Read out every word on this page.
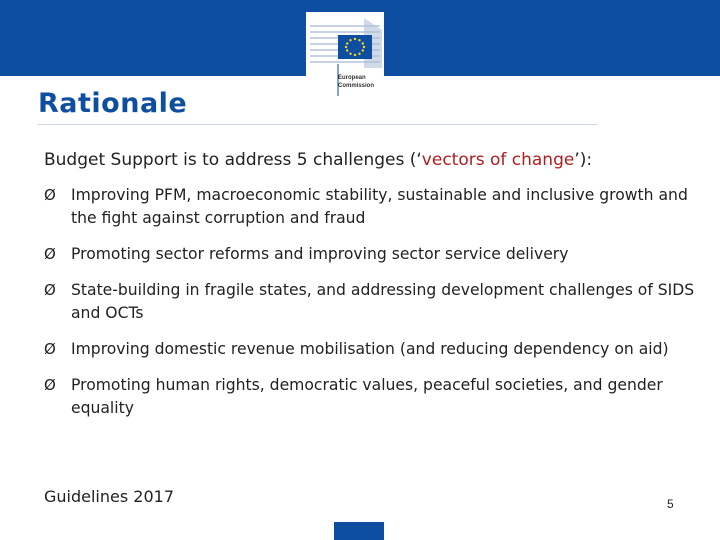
European
Commission
Rationale

Budget Support is to address 5 challenges (‘vectors of change’):

Ø Improving PFM, macroeconomic stability, sustainable and inclusive growth and the fight against corruption and fraud
Ø Promoting sector reforms and improving sector service delivery
Ø State-building in fragile states, and addressing development challenges of SIDS and OCTs
Ø Improving domestic revenue mobilisation (and reducing dependency on aid)
Ø Promoting human rights, democratic values, peaceful societies, and gender equality
Guidelines 2017	5
